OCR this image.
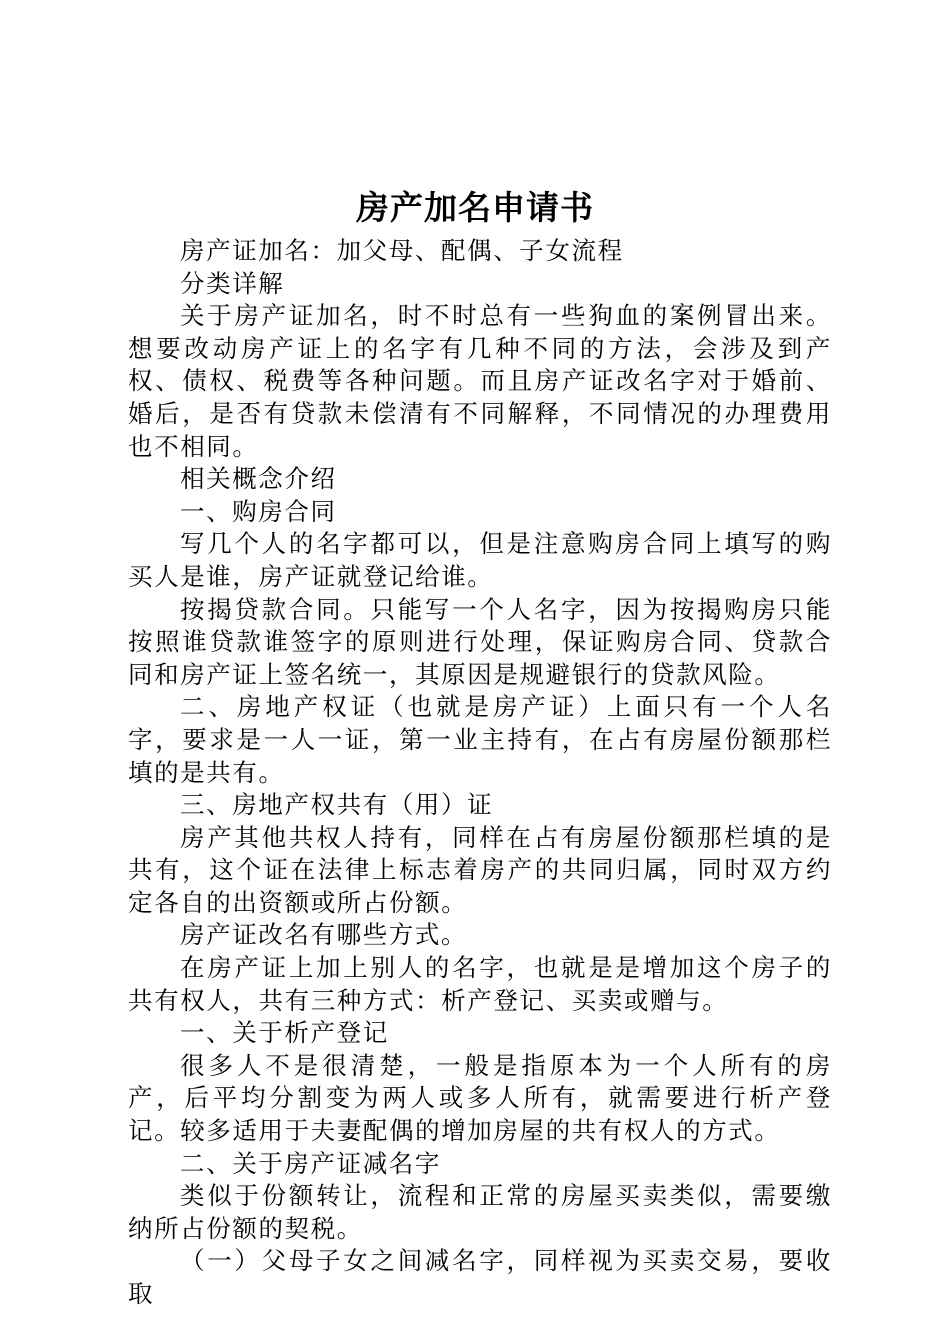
房产加名申请书

房产证加名：加父母、配偶、子女流程

分类详解

关于房产证加名，时不时总有一些狗血的案例冒出来。想要改动房产证上的名字有几种不同的方法，会涉及到产权、债权、税费等各种问题。而且房产证改名字对于婚前、婚后，是否有贷款未偿清有不同解释，不同情况的办理费用也不相同。

相关概念介绍

一、购房合同

写几个人的名字都可以，但是注意购房合同上填写的购买人是谁，房产证就登记给谁。

按揭贷款合同。只能写一个人名字，因为按揭购房只能按照谁贷款谁签字的原则进行处理，保证购房合同、贷款合同和房产证上签名统一，其原因是规避银行的贷款风险。

二、房地产权证（也就是房产证）上面只有一个人名字，要求是一人一证，第一业主持有，在占有房屋份额那栏填的是共有。

三、房地产权共有（用）证

房产其他共权人持有，同样在占有房屋份额那栏填的是共有，这个证在法律上标志着房产的共同归属，同时双方约定各自的出资额或所占份额。

房产证改名有哪些方式。

在房产证上加上别人的名字，也就是是增加这个房子的共有权人，共有三种方式：析产登记、买卖或赠与。

一、关于析产登记

很多人不是很清楚，一般是指原本为一个人所有的房产，后平均分割变为两人或多人所有，就需要进行析产登记。较多适用于夫妻配偶的增加房屋的共有权人的方式。

二、关于房产证减名字

类似于份额转让，流程和正常的房屋买卖类似，需要缴纳所占份额的契税。

（一）父母子女之间减名字，同样视为买卖交易，要收取
